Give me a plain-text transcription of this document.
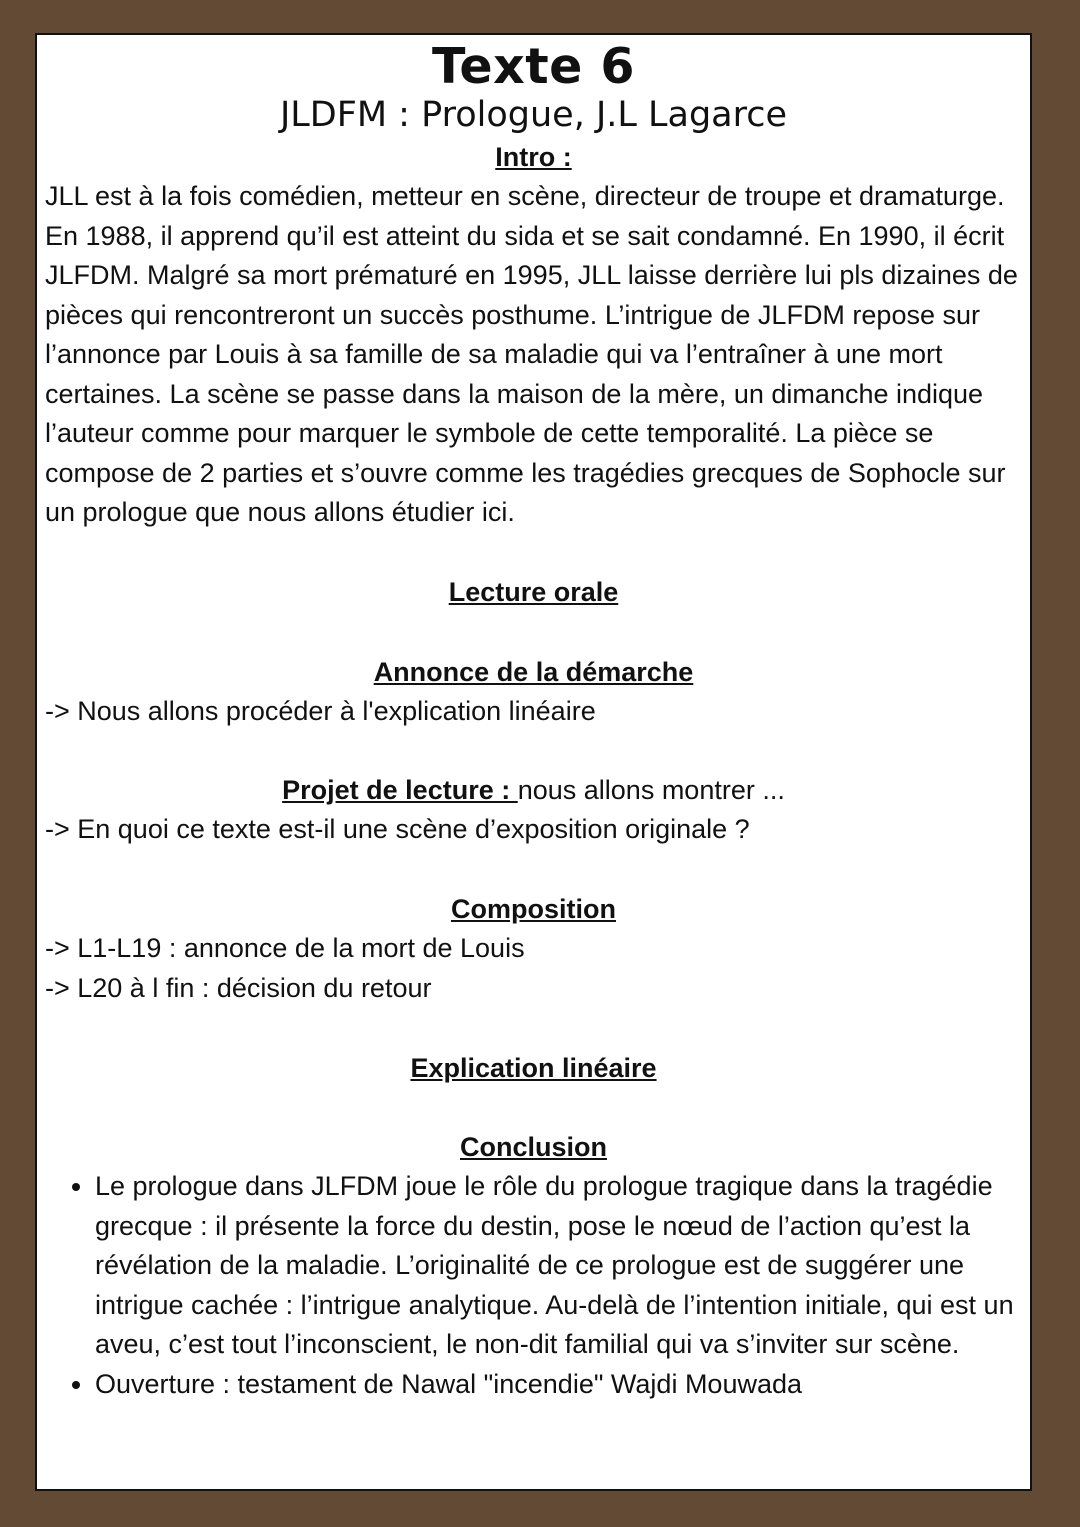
Texte 6
JLDFM : Prologue, J.L Lagarce
Intro :

JLL est à la fois comédien, metteur en scène, directeur de troupe et dramaturge. En 1988, il apprend qu’il est atteint du sida et se sait condamné. En 1990, il écrit JLFDM. Malgré sa mort prématuré en 1995, JLL laisse derrière lui pls dizaines de pièces qui rencontreront un succès posthume. L’intrigue de JLFDM repose sur l’annonce par Louis à sa famille de sa maladie qui va l’entraîner à une mort certaines. La scène se passe dans la maison de la mère, un dimanche indique l’auteur comme pour marquer le symbole de cette temporalité. La pièce se compose de 2 parties et s’ouvre comme les tragédies grecques de Sophocle sur un prologue que nous allons étudier ici.

Lecture orale
Annonce de la démarche
-> Nous allons procéder à l'explication linéaire
Projet de lecture : nous allons montrer ...
-> En quoi ce texte est-il une scène d’exposition originale ?
Composition
-> L1-L19 : annonce de la mort de Louis
-> L20 à l fin : décision du retour
Explication linéaire
Conclusion
• Le prologue dans JLFDM joue le rôle du prologue tragique dans la tragédie grecque : il présente la force du destin, pose le nœud de l’action qu’est la révélation de la maladie. L’originalité de ce prologue est de suggérer une intrigue cachée : l’intrigue analytique. Au-delà de l’intention initiale, qui est un aveu, c’est tout l’inconscient, le non-dit familial qui va s’inviter sur scène.
• Ouverture : testament de Nawal "incendie" Wajdi Mouwada
